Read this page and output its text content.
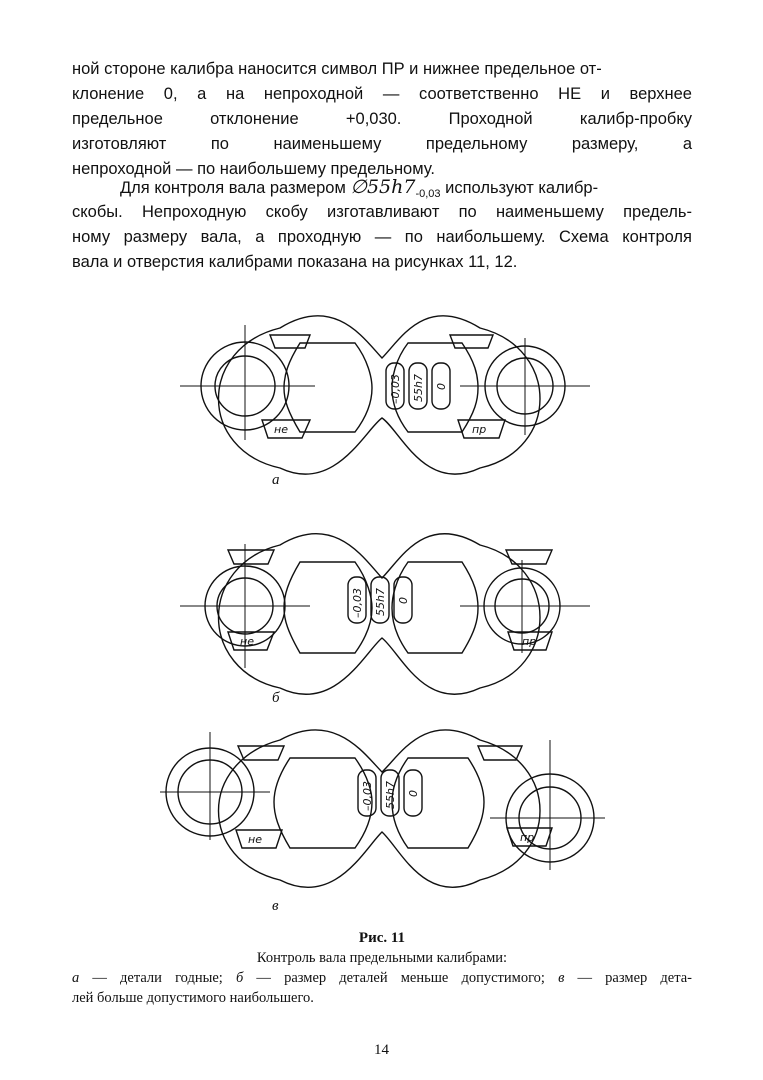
ной стороне калибра наносится символ ПР и нижнее предельное от-
клонение 0, а на непроходной — соответственно НЕ и верхнее
предельное отклонение +0,030. Проходной калибр-пробку
изготовляют по наименьшему предельному размеру, а
непроходной — по наибольшему предельному.

Для контроля вала размером $\emptyset 55h7_{-0,03}$ используют калибр-
скобы. Непроходную скобу изготавливают по наименьшему предель-
ному размеру вала, а проходную — по наибольшему. Схема контроля
вала и отверстия калибрами показана на рисунках 11, 12.

–0,03 55h7 0
не	пр
а
–0,03 55h7 0
не	пр
б
–0,03 55h7 0
не	пр
в
Рис. 11
Контроль вала предельными калибрами:
а — детали годные; б — размер деталей меньше допустимого; в — размер дета-
лей больше допустимого наибольшего.
14
